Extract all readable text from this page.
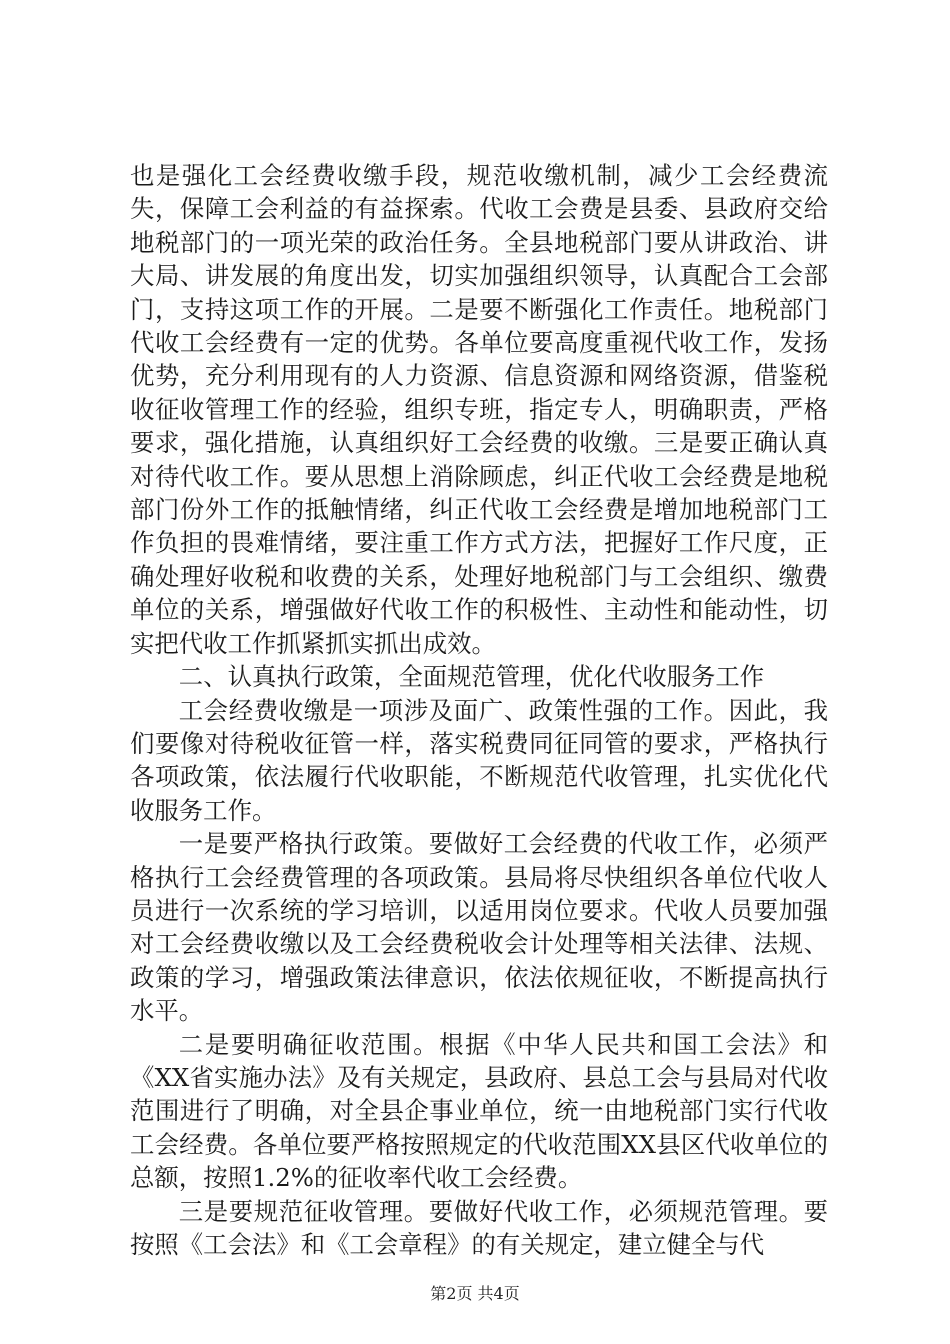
也是强化工会经费收缴手段，规范收缴机制，减少工会经费流失，保障工会利益的有益探索。代收工会费是县委、县政府交给地税部门的一项光荣的政治任务。全县地税部门要从讲政治、讲大局、讲发展的角度出发，切实加强组织领导，认真配合工会部门，支持这项工作的开展。二是要不断强化工作责任。地税部门代收工会经费有一定的优势。各单位要高度重视代收工作，发扬优势，充分利用现有的人力资源、信息资源和网络资源，借鉴税收征收管理工作的经验，组织专班，指定专人，明确职责，严格要求，强化措施，认真组织好工会经费的收缴。三是要正确认真对待代收工作。要从思想上消除顾虑，纠正代收工会经费是地税部门份外工作的抵触情绪，纠正代收工会经费是增加地税部门工作负担的畏难情绪，要注重工作方式方法，把握好工作尺度，正确处理好收税和收费的关系，处理好地税部门与工会组织、缴费单位的关系，增强做好代收工作的积极性、主动性和能动性，切实把代收工作抓紧抓实抓出成效。

二、认真执行政策，全面规范管理，优化代收服务工作

工会经费收缴是一项涉及面广、政策性强的工作。因此，我们要像对待税收征管一样，落实税费同征同管的要求，严格执行各项政策，依法履行代收职能，不断规范代收管理，扎实优化代收服务工作。

一是要严格执行政策。要做好工会经费的代收工作，必须严格执行工会经费管理的各项政策。县局将尽快组织各单位代收人员进行一次系统的学习培训，以适用岗位要求。代收人员要加强对工会经费收缴以及工会经费税收会计处理等相关法律、法规、政策的学习，增强政策法律意识，依法依规征收，不断提高执行水平。

二是要明确征收范围。根据《中华人民共和国工会法》和《XX省实施办法》及有关规定，县政府、县总工会与县局对代收范围进行了明确，对全县企事业单位，统一由地税部门实行代收工会经费。各单位要严格按照规定的代收范围XX县区代收单位的总额，按照1.2%的征收率代收工会经费。

三是要规范征收管理。要做好代收工作，必须规范管理。要按照《工会法》和《工会章程》的有关规定，建立健全与代

第2页 共4页
